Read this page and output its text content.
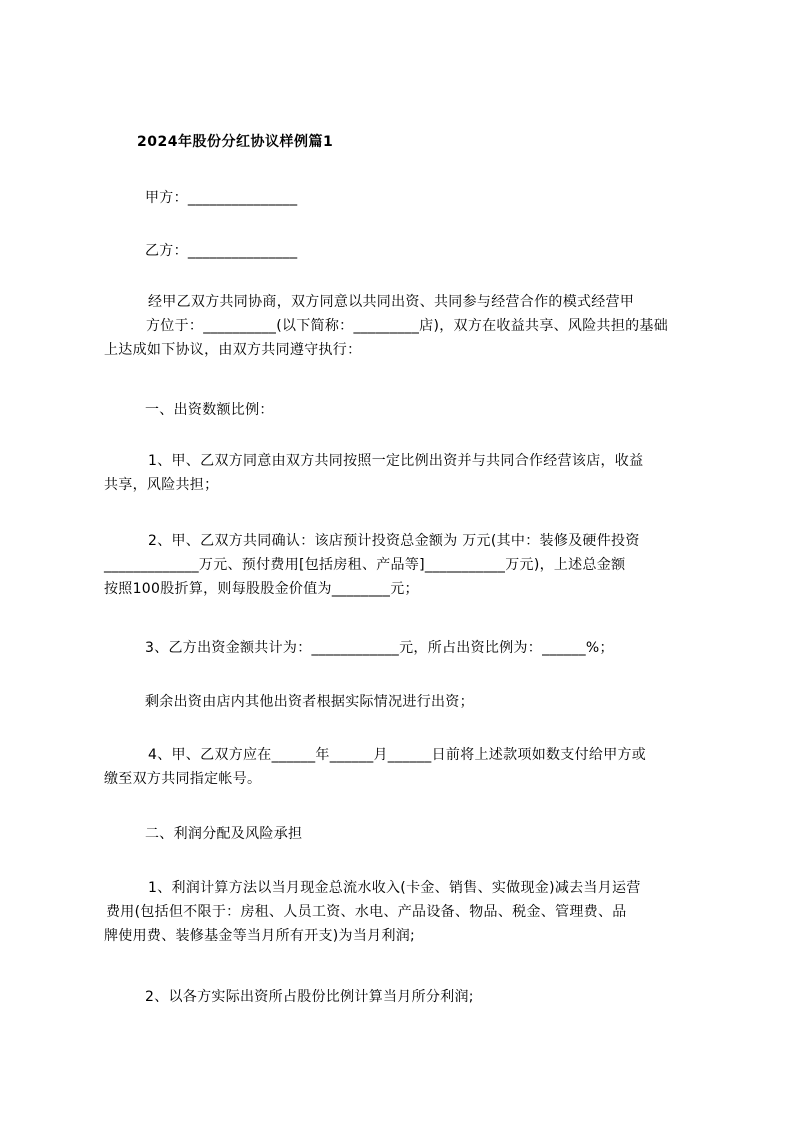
2024年股份分红协议样例篇1
甲方：_______________
乙方：_______________
经甲乙双方共同协商，双方同意以共同出资、共同参与经营合作的模式经营甲
方位于：__________(以下简称：_________店)，双方在收益共享、风险共担的基础
上达成如下协议，由双方共同遵守执行：
一、出资数额比例：
1、甲、乙双方同意由双方共同按照一定比例出资并与共同合作经营该店，收益
共享，风险共担；
2、甲、乙双方共同确认：该店预计投资总金额为 万元(其中：装修及硬件投资
_____________万元、预付费用[包括房租、产品等]___________万元)，上述总金额
按照100股折算，则每股股金价值为________元；
3、乙方出资金额共计为：____________元，所占出资比例为：______%；
剩余出资由店内其他出资者根据实际情况进行出资；
4、甲、乙双方应在______年______月______日前将上述款项如数支付给甲方或
缴至双方共同指定帐号。
二、利润分配及风险承担
1、利润计算方法以当月现金总流水收入(卡金、销售、实做现金)减去当月运营
费用(包括但不限于：房租、人员工资、水电、产品设备、物品、税金、管理费、品
牌使用费、装修基金等当月所有开支)为当月利润;
2、以各方实际出资所占股份比例计算当月所分利润;
